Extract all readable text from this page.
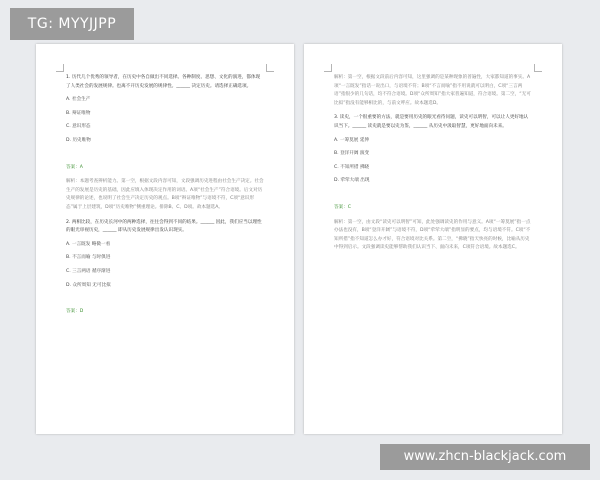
TG: MYYJJPP

1. 历代几个优秀的领导者，在历史中各自做出不同选择。各种制度、思想、文化的演进，都体现了人类社会的发展规律。也离不开历史发展的规律性。______ 决定历史。请选择正确选项。

A. 社会生产

B. 辩证唯物

C. 意识形态

D. 历史唯物

答案：A

解析：本题考查辨析能力。第一空，根据文段内容可知，文段强调历史进程由社会生产决定。社会生产的发展是历史的基础，因此应填入体现决定作用的词语。A项“社会生产”符合语境。后文对历史规律的论述，也说明了社会生产决定历史的观点。B项“辩证唯物”与语境不符，C项“意识形态”属于上层建筑，D项“历史唯物”侧重理论。排除B、C、D项。故本题选A。

2. 两相比较，在历史长河中的两种选择，往往会得到不同的结果。______ 因此，我们应当以理性的眼光审视历史，______ 即从历史发展规律出发认识现实。

A. 一言既发 略微一看

B. 不言而喻 与时俱进

C. 三言两语 循序渐进

D. 众所周知 无可比拟

答案：D

解析：第一空，根据文段前后内容可知，这里强调的是某种现象的普遍性，大家都知道的事实。A项“一言既发”指话一说出口，与语境不符；B项“不言而喻”指不用说就可以明白，C项“三言两语”指很少的几句话，均不符合语境。D项“众所周知”指大家普遍知道，符合语境。第二空，“无可比拟”指没有能够相比的，与前文呼应。故本题选D。

3. 读史，一个很重要的方法，就是要用历史的眼光看待问题，读史可以明智，可以让人更好地认识当下。______ 读史就是要以史为鉴，______ 从历史中汲取智慧，更好地面向未来。

A. 一筹莫展 延伸

B. 登洋开阔 演变

C. 不知所措 拂晓

D. 荦荦大端 出现

答案：C

解析：第一空，由文段“读史可以明智”可知，此处强调读史的作用与意义。A项“一筹莫展”指一点办法也没有，B项“登洋开阔”与语境不符，D项“荦荦大端”指明显的要点，均与语境不符。C项“不知所措”指不知道怎么办才好，符合语境对比关系。第二空，“拂晓”指天快亮的时候，比喻从历史中得到启示。文段强调读史能够帮助我们认识当下、面向未来，C项符合语境。故本题选C。

www.zhcn-blackjack.com
